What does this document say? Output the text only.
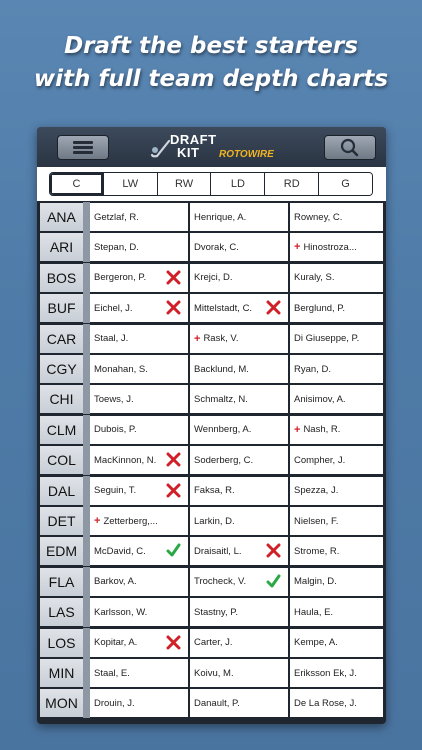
Draft the best starters
with full team depth charts
DRAFT
KIT ROTOWIRE
C	LW	RW	LD	RD	G
ANA	Getzlaf, R.	Henrique, A.	Rowney, C.
ARI	Stepan, D.	Dvorak, C.	+ Hinostroza...
BOS	Bergeron, P.	Krejci, D.	Kuraly, S.
BUF	Eichel, J.	Mittelstadt, C.	Berglund, P.
CAR	Staal, J.	+ Rask, V.	Di Giuseppe, P.
CGY	Monahan, S.	Backlund, M.	Ryan, D.
CHI	Toews, J.	Schmaltz, N.	Anisimov, A.
CLM	Dubois, P.	Wennberg, A.	+ Nash, R.
COL	MacKinnon, N.	Soderberg, C.	Compher, J.
DAL	Seguin, T.	Faksa, R.	Spezza, J.
DET	+ Zetterberg,...	Larkin, D.	Nielsen, F.
EDM	McDavid, C.	Draisaitl, L.	Strome, R.
FLA	Barkov, A.	Trocheck, V.	Malgin, D.
LAS	Karlsson, W.	Stastny, P.	Haula, E.
LOS	Kopitar, A.	Carter, J.	Kempe, A.
MIN	Staal, E.	Koivu, M.	Eriksson Ek, J.
MON	Drouin, J.	Danault, P.	De La Rose, J.
